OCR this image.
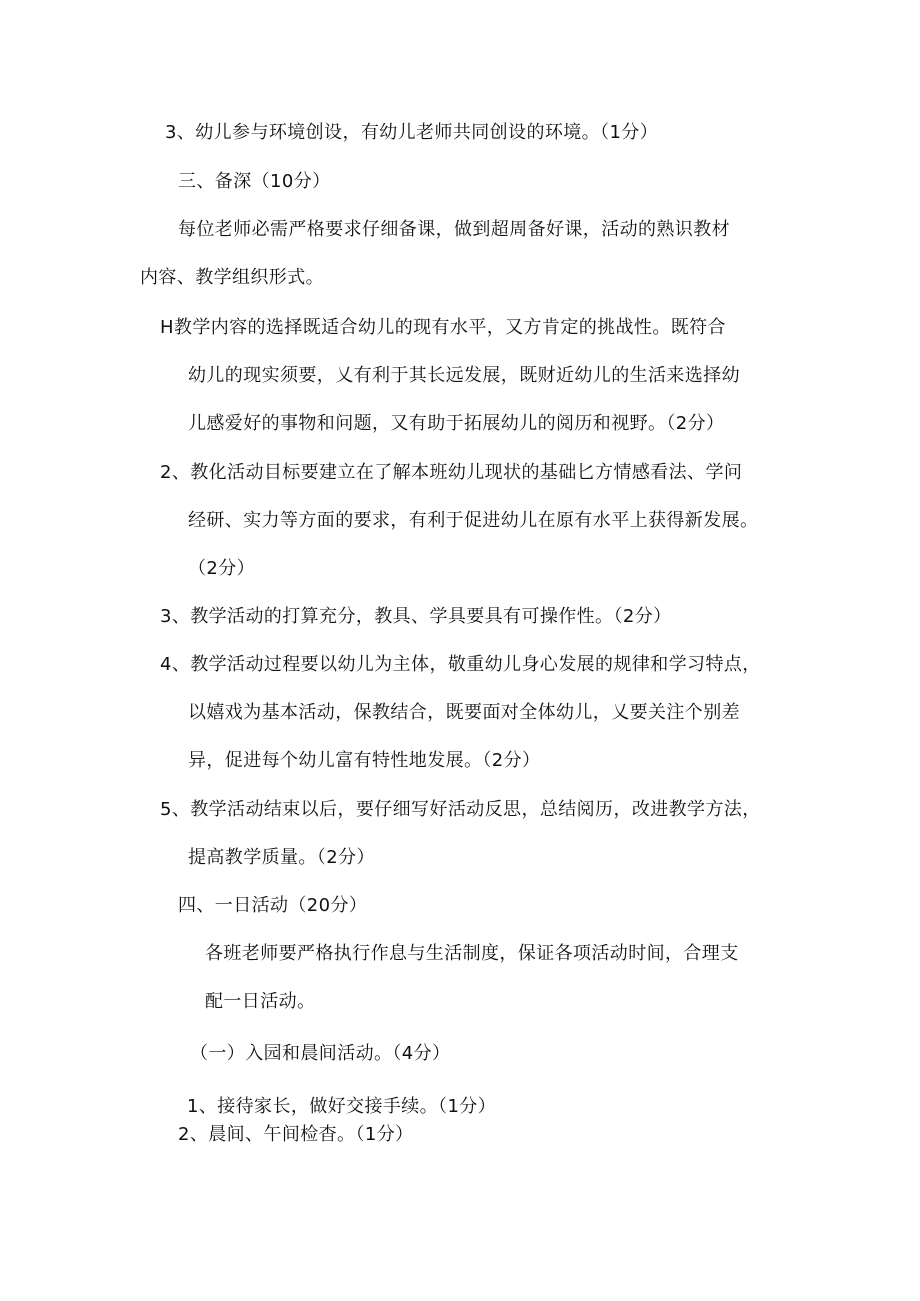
3、幼儿参与环境创设，有幼儿老师共同创设的环境。（1分）
三、备深（10分）
每位老师必需严格要求仔细备课，做到超周备好课，活动的熟识教材
内容、教学组织形式。
H教学内容的选择既适合幼儿的现有水平，又方肯定的挑战性。既符合
幼儿的现实须要，乂有利于其长远发展，既财近幼儿的生活来选择幼
儿感爱好的事物和问题，又有助于拓展幼儿的阅历和视野。（2分）
2、教化活动目标要建立在了解本班幼儿现状的基础匕方情感看法、学问
经研、实力等方面的要求，有利于促进幼儿在原有水平上获得新发展。
（2分）
3、教学活动的打算充分，教具、学具要具有可操作性。（2分）
4、教学活动过程要以幼儿为主体，敬重幼儿身心发展的规律和学习特点，
以嬉戏为基本活动，保教结合，既要面对全体幼儿，乂要关注个别差
异，促进每个幼儿富有特性地发展。（2分）
5、教学活动结束以后，要仔细写好活动反思，总结阅历，改进教学方法，
提高教学质量。（2分）
四、一日活动（20分）
各班老师要严格执行作息与生活制度，保证各项活动时间，合理支
配一日活动。
（一）入园和晨间活动。（4分）
1、接待家长，做好交接手续。（1分）
2、晨间、午间检杳。（1分）
